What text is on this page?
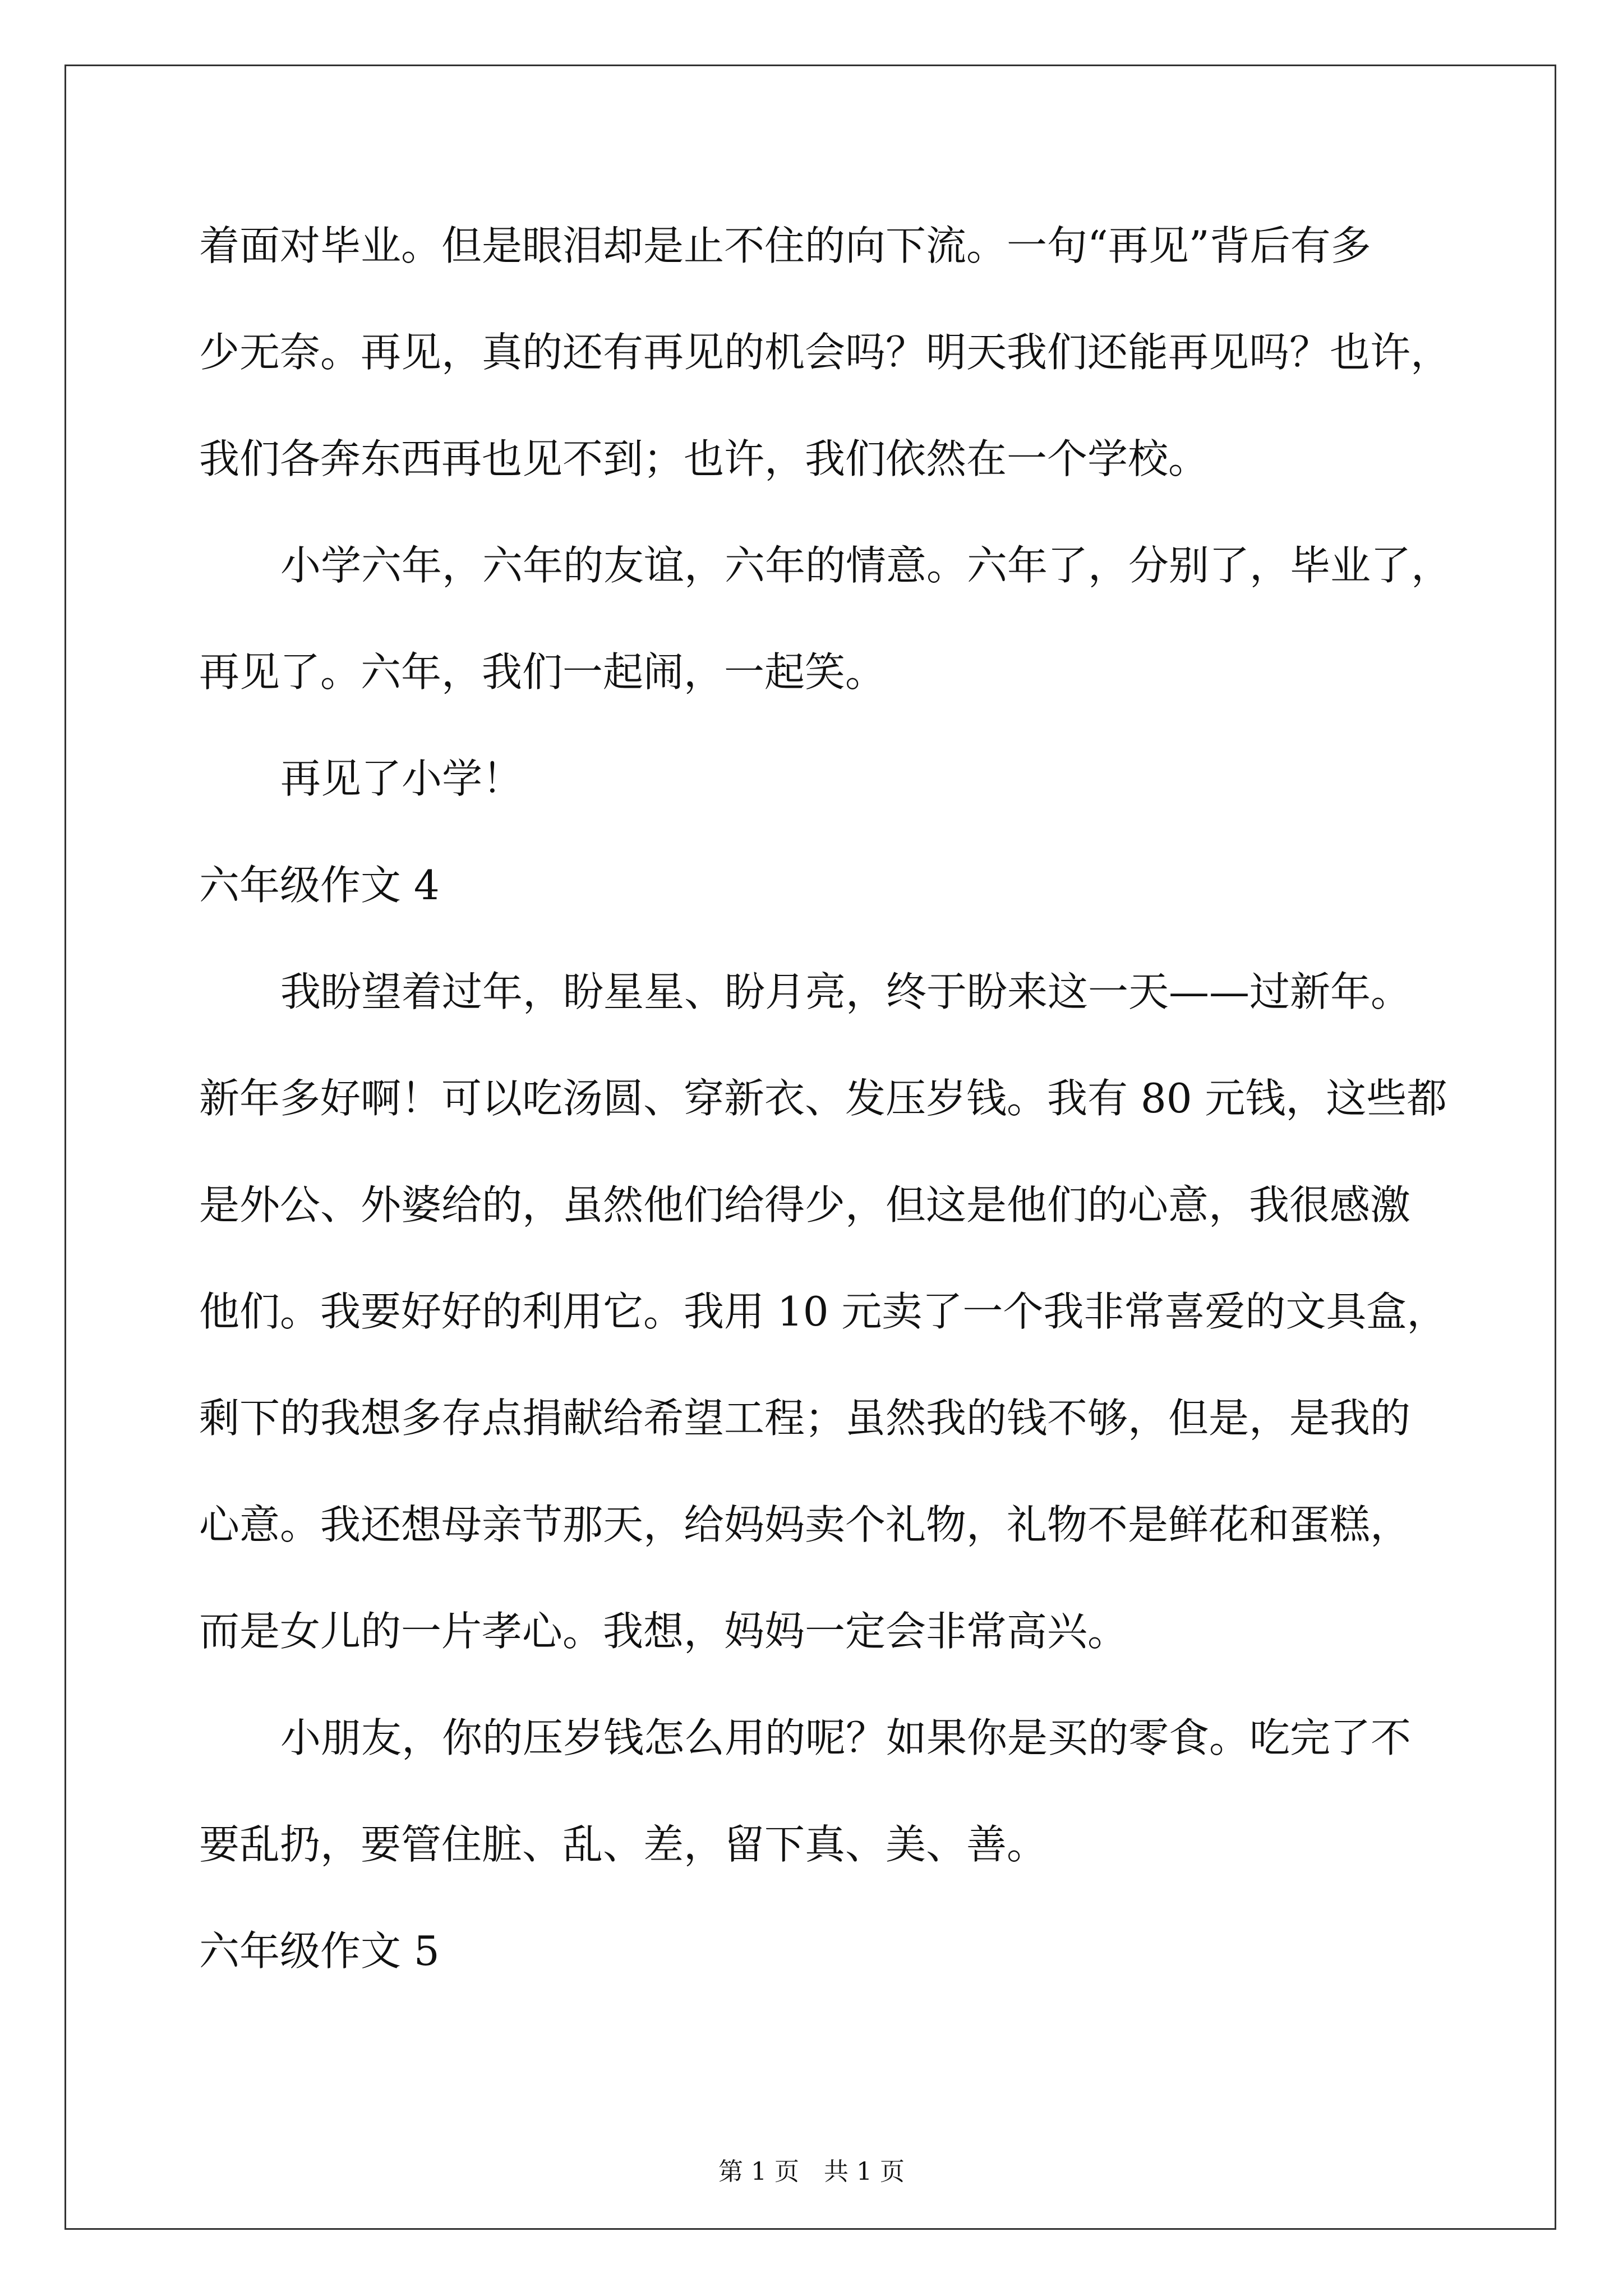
着面对毕业。但是眼泪却是止不住的向下流。一句“再见”背后有多
少无奈。再见，真的还有再见的机会吗？明天我们还能再见吗？也许，
我们各奔东西再也见不到；也许，我们依然在一个学校。
小学六年，六年的友谊，六年的情意。六年了，分别了，毕业了，
再见了。六年，我们一起闹，一起笑。
再见了小学！
六年级作文 4
我盼望着过年，盼星星、盼月亮，终于盼来这一天——过新年。
新年多好啊！可以吃汤圆、穿新衣、发压岁钱。我有 80 元钱，这些都
是外公、外婆给的，虽然他们给得少，但这是他们的心意，我很感激
他们。我要好好的利用它。我用 10 元卖了一个我非常喜爱的文具盒，
剩下的我想多存点捐献给希望工程；虽然我的钱不够，但是，是我的
心意。我还想母亲节那天，给妈妈卖个礼物，礼物不是鲜花和蛋糕，
而是女儿的一片孝心。我想，妈妈一定会非常高兴。
小朋友，你的压岁钱怎么用的呢？如果你是买的零食。吃完了不
要乱扔，要管住脏、乱、差，留下真、美、善。
六年级作文 5
第 1 页　共 1 页
